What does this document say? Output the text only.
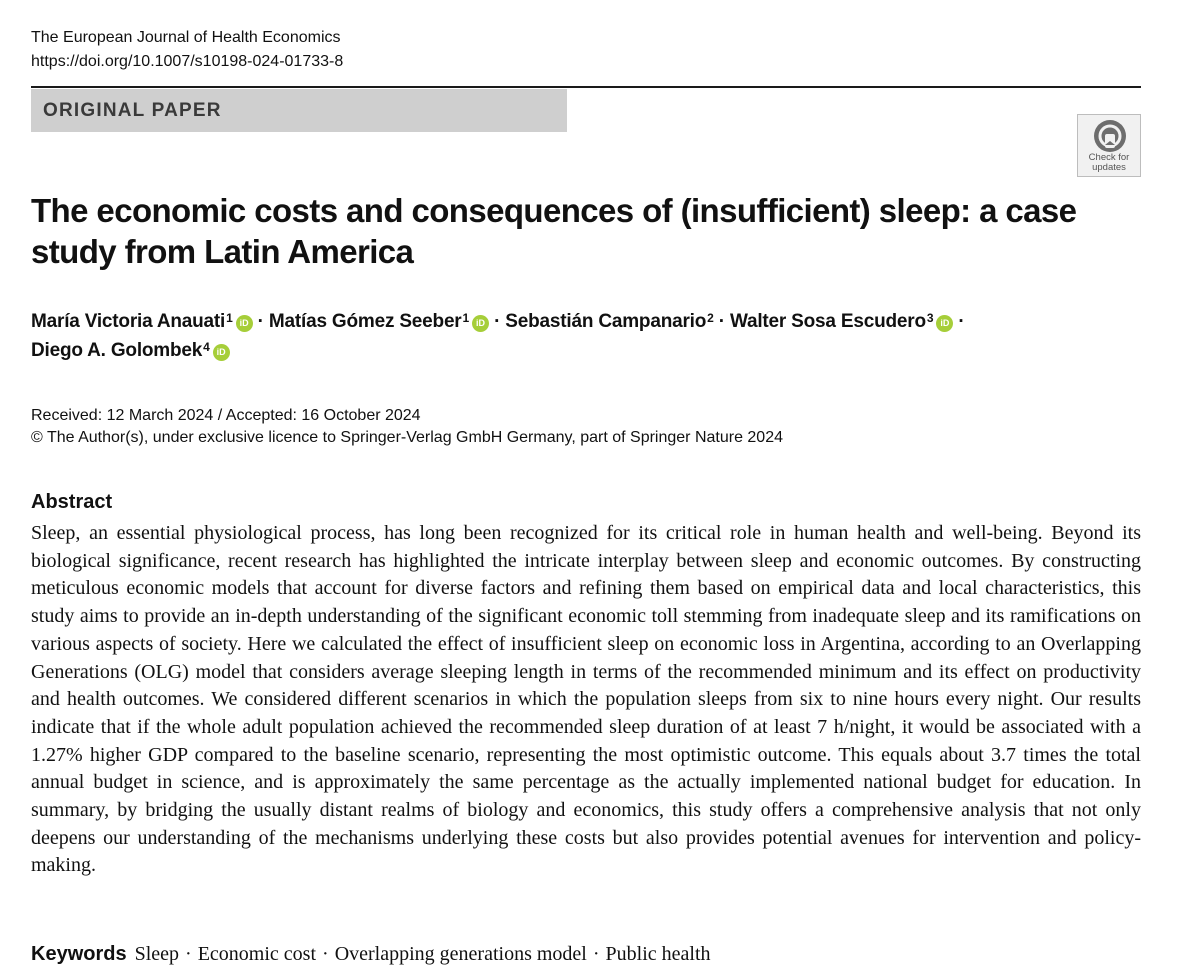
The European Journal of Health Economics
https://doi.org/10.1007/s10198-024-01733-8
ORIGINAL PAPER
Check for
updates
The economic costs and consequences of (insufficient) sleep: a case study from Latin America
María Victoria Anauati$^1$ iD · Matías Gómez Seeber$^1$ iD · Sebastián Campanario$^2$ · Walter Sosa Escudero$^3$ iD ·
Diego A. Golombek$^4$ iD
Received: 12 March 2024 / Accepted: 16 October 2024
© The Author(s), under exclusive licence to Springer-Verlag GmbH Germany, part of Springer Nature 2024
Abstract

Sleep, an essential physiological process, has long been recognized for its critical role in human health and well-being. Beyond its biological significance, recent research has highlighted the intricate interplay between sleep and economic outcomes. By constructing meticulous economic models that account for diverse factors and refining them based on empirical data and local characteristics, this study aims to provide an in-depth understanding of the significant economic toll stemming from inadequate sleep and its ramifications on various aspects of society. Here we calculated the effect of insufficient sleep on economic loss in Argentina, according to an Overlapping Generations (OLG) model that considers average sleeping length in terms of the recommended minimum and its effect on productivity and health outcomes. We considered different scenarios in which the population sleeps from six to nine hours every night. Our results indicate that if the whole adult population achieved the recommended sleep duration of at least 7 h/night, it would be associated with a 1.27% higher GDP compared to the baseline scenario, representing the most optimistic outcome. This equals about 3.7 times the total annual budget in science, and is approximately the same percentage as the actually implemented national budget for education. In summary, by bridging the usually distant realms of biology and economics, this study offers a comprehensive analysis that not only deepens our understanding of the mechanisms underlying these costs but also provides potential avenues for intervention and policy-making.

Keywords Sleep · Economic cost · Overlapping generations model · Public health
